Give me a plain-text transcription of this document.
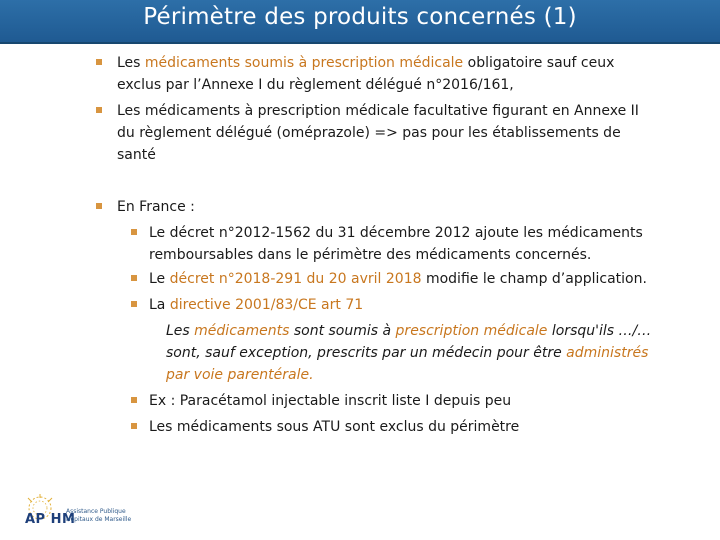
Périmètre des produits concernés (1)
Les médicaments soumis à prescription médicale obligatoire sauf ceux
exclus par l’Annexe I du règlement délégué n°2016/161,
Les médicaments à prescription médicale facultative figurant en Annexe II
du règlement délégué (oméprazole) => pas pour les établissements de
santé
En France :
Le décret n°2012-1562 du 31 décembre 2012 ajoute les médicaments
remboursables dans le périmètre des médicaments concernés.
Le décret n°2018-291 du 20 avril 2018 modifie le champ d’application.
La directive 2001/83/CE art 71
Les médicaments sont soumis à prescription médicale lorsqu'ils …/…
sont, sauf exception, prescrits par un médecin pour être administrés
par voie parentérale.
Ex : Paracétamol injectable inscrit liste I depuis peu
Les médicaments sous ATU sont exclus du périmètre
AP HM
Assistance Publique
Hôpitaux de Marseille
